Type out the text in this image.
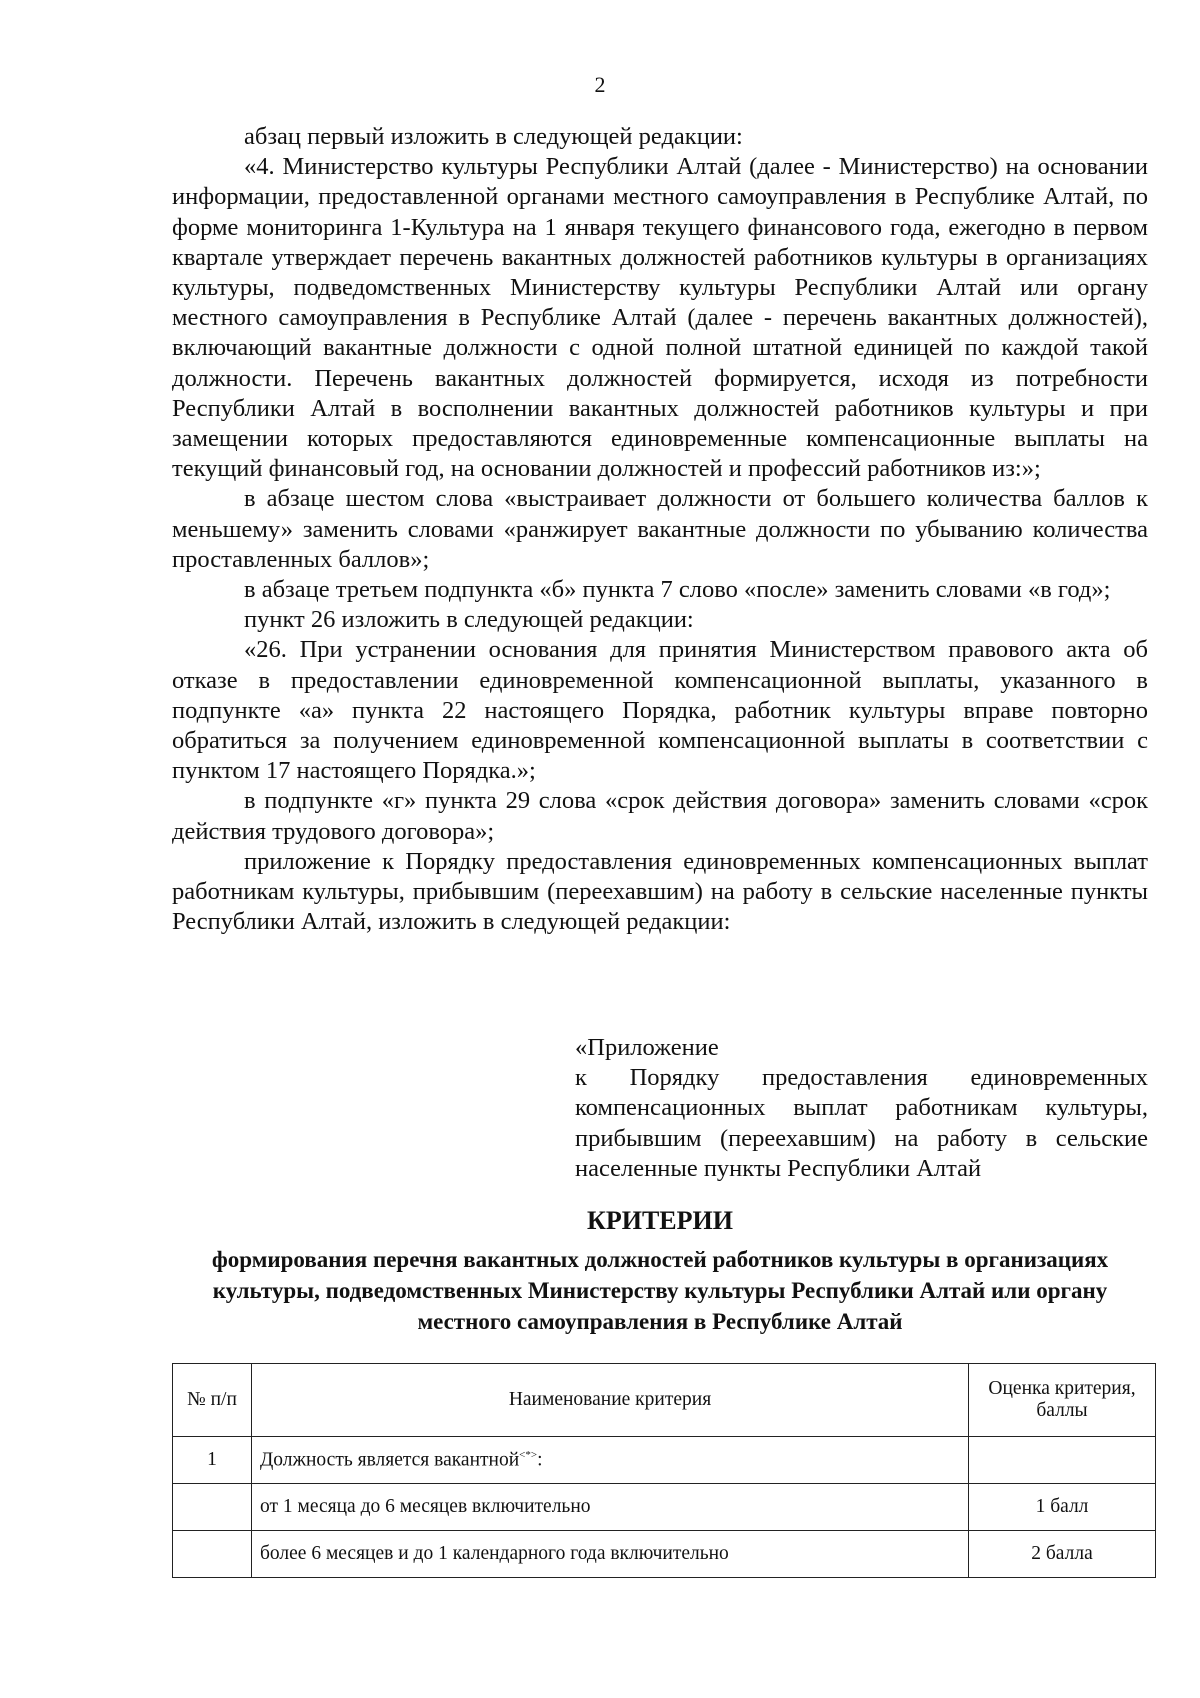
2

абзац первый изложить в следующей редакции:

«4. Министерство культуры Республики Алтай (далее - Министерство) на основании информации, предоставленной органами местного самоуправления в Республике Алтай, по форме мониторинга 1-Культура на 1 января текущего финансового года, ежегодно в первом квартале утверждает перечень вакантных должностей работников культуры в организациях культуры, подведомственных Министерству культуры Республики Алтай или органу местного самоуправления в Республике Алтай (далее - перечень вакантных должностей), включающий вакантные должности с одной полной штатной единицей по каждой такой должности. Перечень вакантных должностей формируется, исходя из потребности Республики Алтай в восполнении вакантных должностей работников культуры и при замещении которых предоставляются единовременные компенсационные выплаты на текущий финансовый год, на основании должностей и профессий работников из:»;

в абзаце шестом слова «выстраивает должности от большего количества баллов к меньшему» заменить словами «ранжирует вакантные должности по убыванию количества проставленных баллов»;

в абзаце третьем подпункта «б» пункта 7 слово «после» заменить словами «в год»;

пункт 26 изложить в следующей редакции:

«26. При устранении основания для принятия Министерством правового акта об отказе в предоставлении единовременной компенсационной выплаты, указанного в подпункте «а» пункта 22 настоящего Порядка, работник культуры вправе повторно обратиться за получением единовременной компенсационной выплаты в соответствии с пунктом 17 настоящего Порядка.»;

в подпункте «г» пункта 29 слова «срок действия договора» заменить словами «срок действия трудового договора»;

приложение к Порядку предоставления единовременных компенсационных выплат работникам культуры, прибывшим (переехавшим) на работу в сельские населенные пункты Республики Алтай, изложить в следующей редакции:

«Приложение

к Порядку предоставления единовременных компенсационных выплат работникам культуры, прибывшим (переехавшим) на работу в сельские населенные пункты Республики Алтай

КРИТЕРИИ

формирования перечня вакантных должностей работников культуры в организациях культуры, подведомственных Министерству культуры Республики Алтай или органу местного самоуправления в Республике Алтай

№ п/п	Наименование критерия	Оценка критерия, баллы
1	Должность является вакантной<*>:	
	от 1 месяца до 6 месяцев включительно	1 балл
	более 6 месяцев и до 1 календарного года включительно	2 балла
